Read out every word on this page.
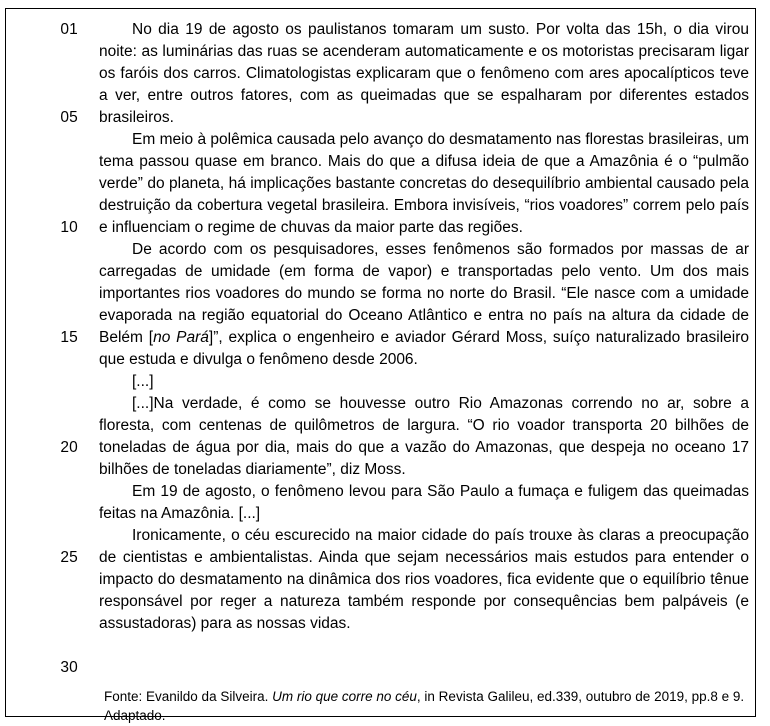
01
05
10
15
20
25
30

No dia 19 de agosto os paulistanos tomaram um susto. Por volta das 15h, o dia virou noite: as luminárias das ruas se acenderam automaticamente e os motoristas precisaram ligar os faróis dos carros. Climatologistas explicaram que o fenômeno com ares apocalípticos teve a ver, entre outros fatores, com as queimadas que se espalharam por diferentes estados brasileiros.

Em meio à polêmica causada pelo avanço do desmatamento nas florestas brasileiras, um tema passou quase em branco. Mais do que a difusa ideia de que a Amazônia é o “pulmão verde” do planeta, há implicações bastante concretas do desequilíbrio ambiental causado pela destruição da cobertura vegetal brasileira. Embora invisíveis, “rios voadores” correm pelo país e influenciam o regime de chuvas da maior parte das regiões.

De acordo com os pesquisadores, esses fenômenos são formados por massas de ar carregadas de umidade (em forma de vapor) e transportadas pelo vento. Um dos mais importantes rios voadores do mundo se forma no norte do Brasil. “Ele nasce com a umidade evaporada na região equatorial do Oceano Atlântico e entra no país na altura da cidade de Belém [no Pará]”, explica o engenheiro e aviador Gérard Moss, suíço naturalizado brasileiro que estuda e divulga o fenômeno desde 2006.

[...]

[...]Na verdade, é como se houvesse outro Rio Amazonas correndo no ar, sobre a floresta, com centenas de quilômetros de largura. “O rio voador transporta 20 bilhões de toneladas de água por dia, mais do que a vazão do Amazonas, que despeja no oceano 17 bilhões de toneladas diariamente”, diz Moss.

Em 19 de agosto, o fenômeno levou para São Paulo a fumaça e fuligem das queimadas feitas na Amazônia. [...]

Ironicamente, o céu escurecido na maior cidade do país trouxe às claras a preocupação de cientistas e ambientalistas. Ainda que sejam necessários mais estudos para entender o impacto do desmatamento na dinâmica dos rios voadores, fica evidente que o equilíbrio tênue responsável por reger a natureza também responde por consequências bem palpáveis (e assustadoras) para as nossas vidas.

Fonte: Evanildo da Silveira. Um rio que corre no céu, in Revista Galileu, ed.339, outubro de 2019, pp.8 e 9. Adaptado.
